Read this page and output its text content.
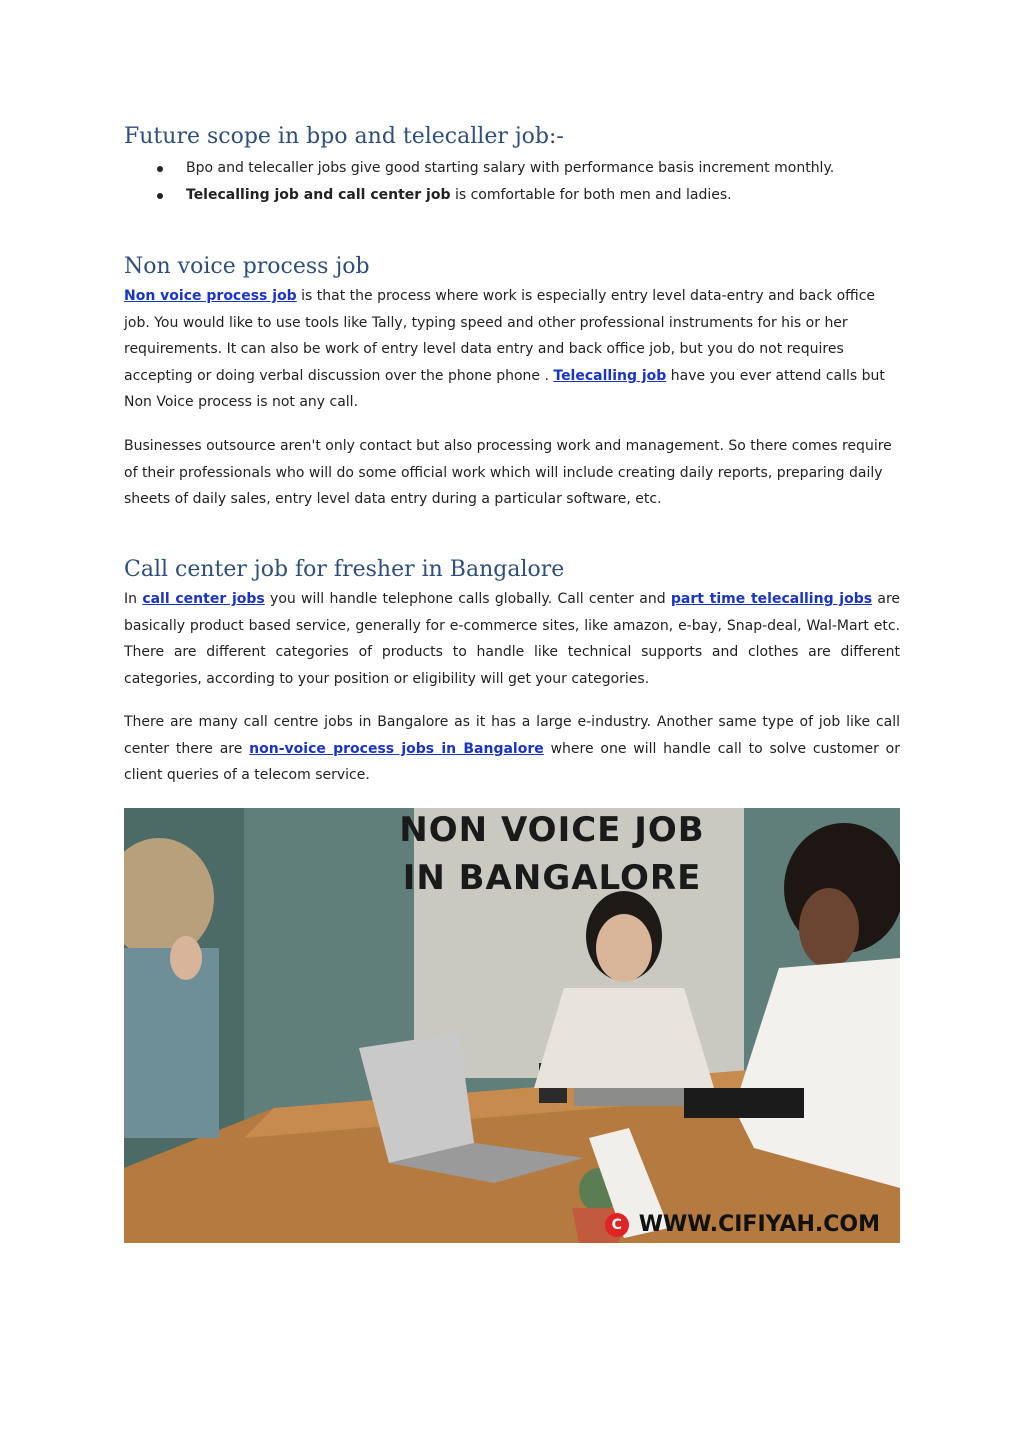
Future scope in bpo and telecaller job:-
Bpo and telecaller jobs give good starting salary with performance basis increment monthly.
Telecalling job and call center job is comfortable for both men and ladies.
Non voice process job

Non voice process job is that the process where work is especially entry level data-entry and back office job. You would like to use tools like Tally, typing speed and other professional instruments for his or her requirements. It can also be work of entry level data entry and back office job, but you do not requires accepting or doing verbal discussion over the phone phone . Telecalling job have you ever attend calls but Non Voice process is not any call.

Businesses outsource aren't only contact but also processing work and management. So there comes require of their professionals who will do some official work which will include creating daily reports, preparing daily sheets of daily sales, entry level data entry during a particular software, etc.

Call center job for fresher in Bangalore

In call center jobs you will handle telephone calls globally. Call center and part time telecalling jobs are basically product based service, generally for e-commerce sites, like amazon, e-bay, Snap-deal, Wal-Mart etc. There are different categories of products to handle like technical supports and clothes are different categories, according to your position or eligibility will get your categories.

There are many call centre jobs in Bangalore as it has a large e-industry. Another same type of job like call center there are non-voice process jobs in Bangalore where one will handle call to solve customer or client queries of a telecom service.

NON VOICE JOB
IN BANGALORE
C WWW.CIFIYAH.COM
